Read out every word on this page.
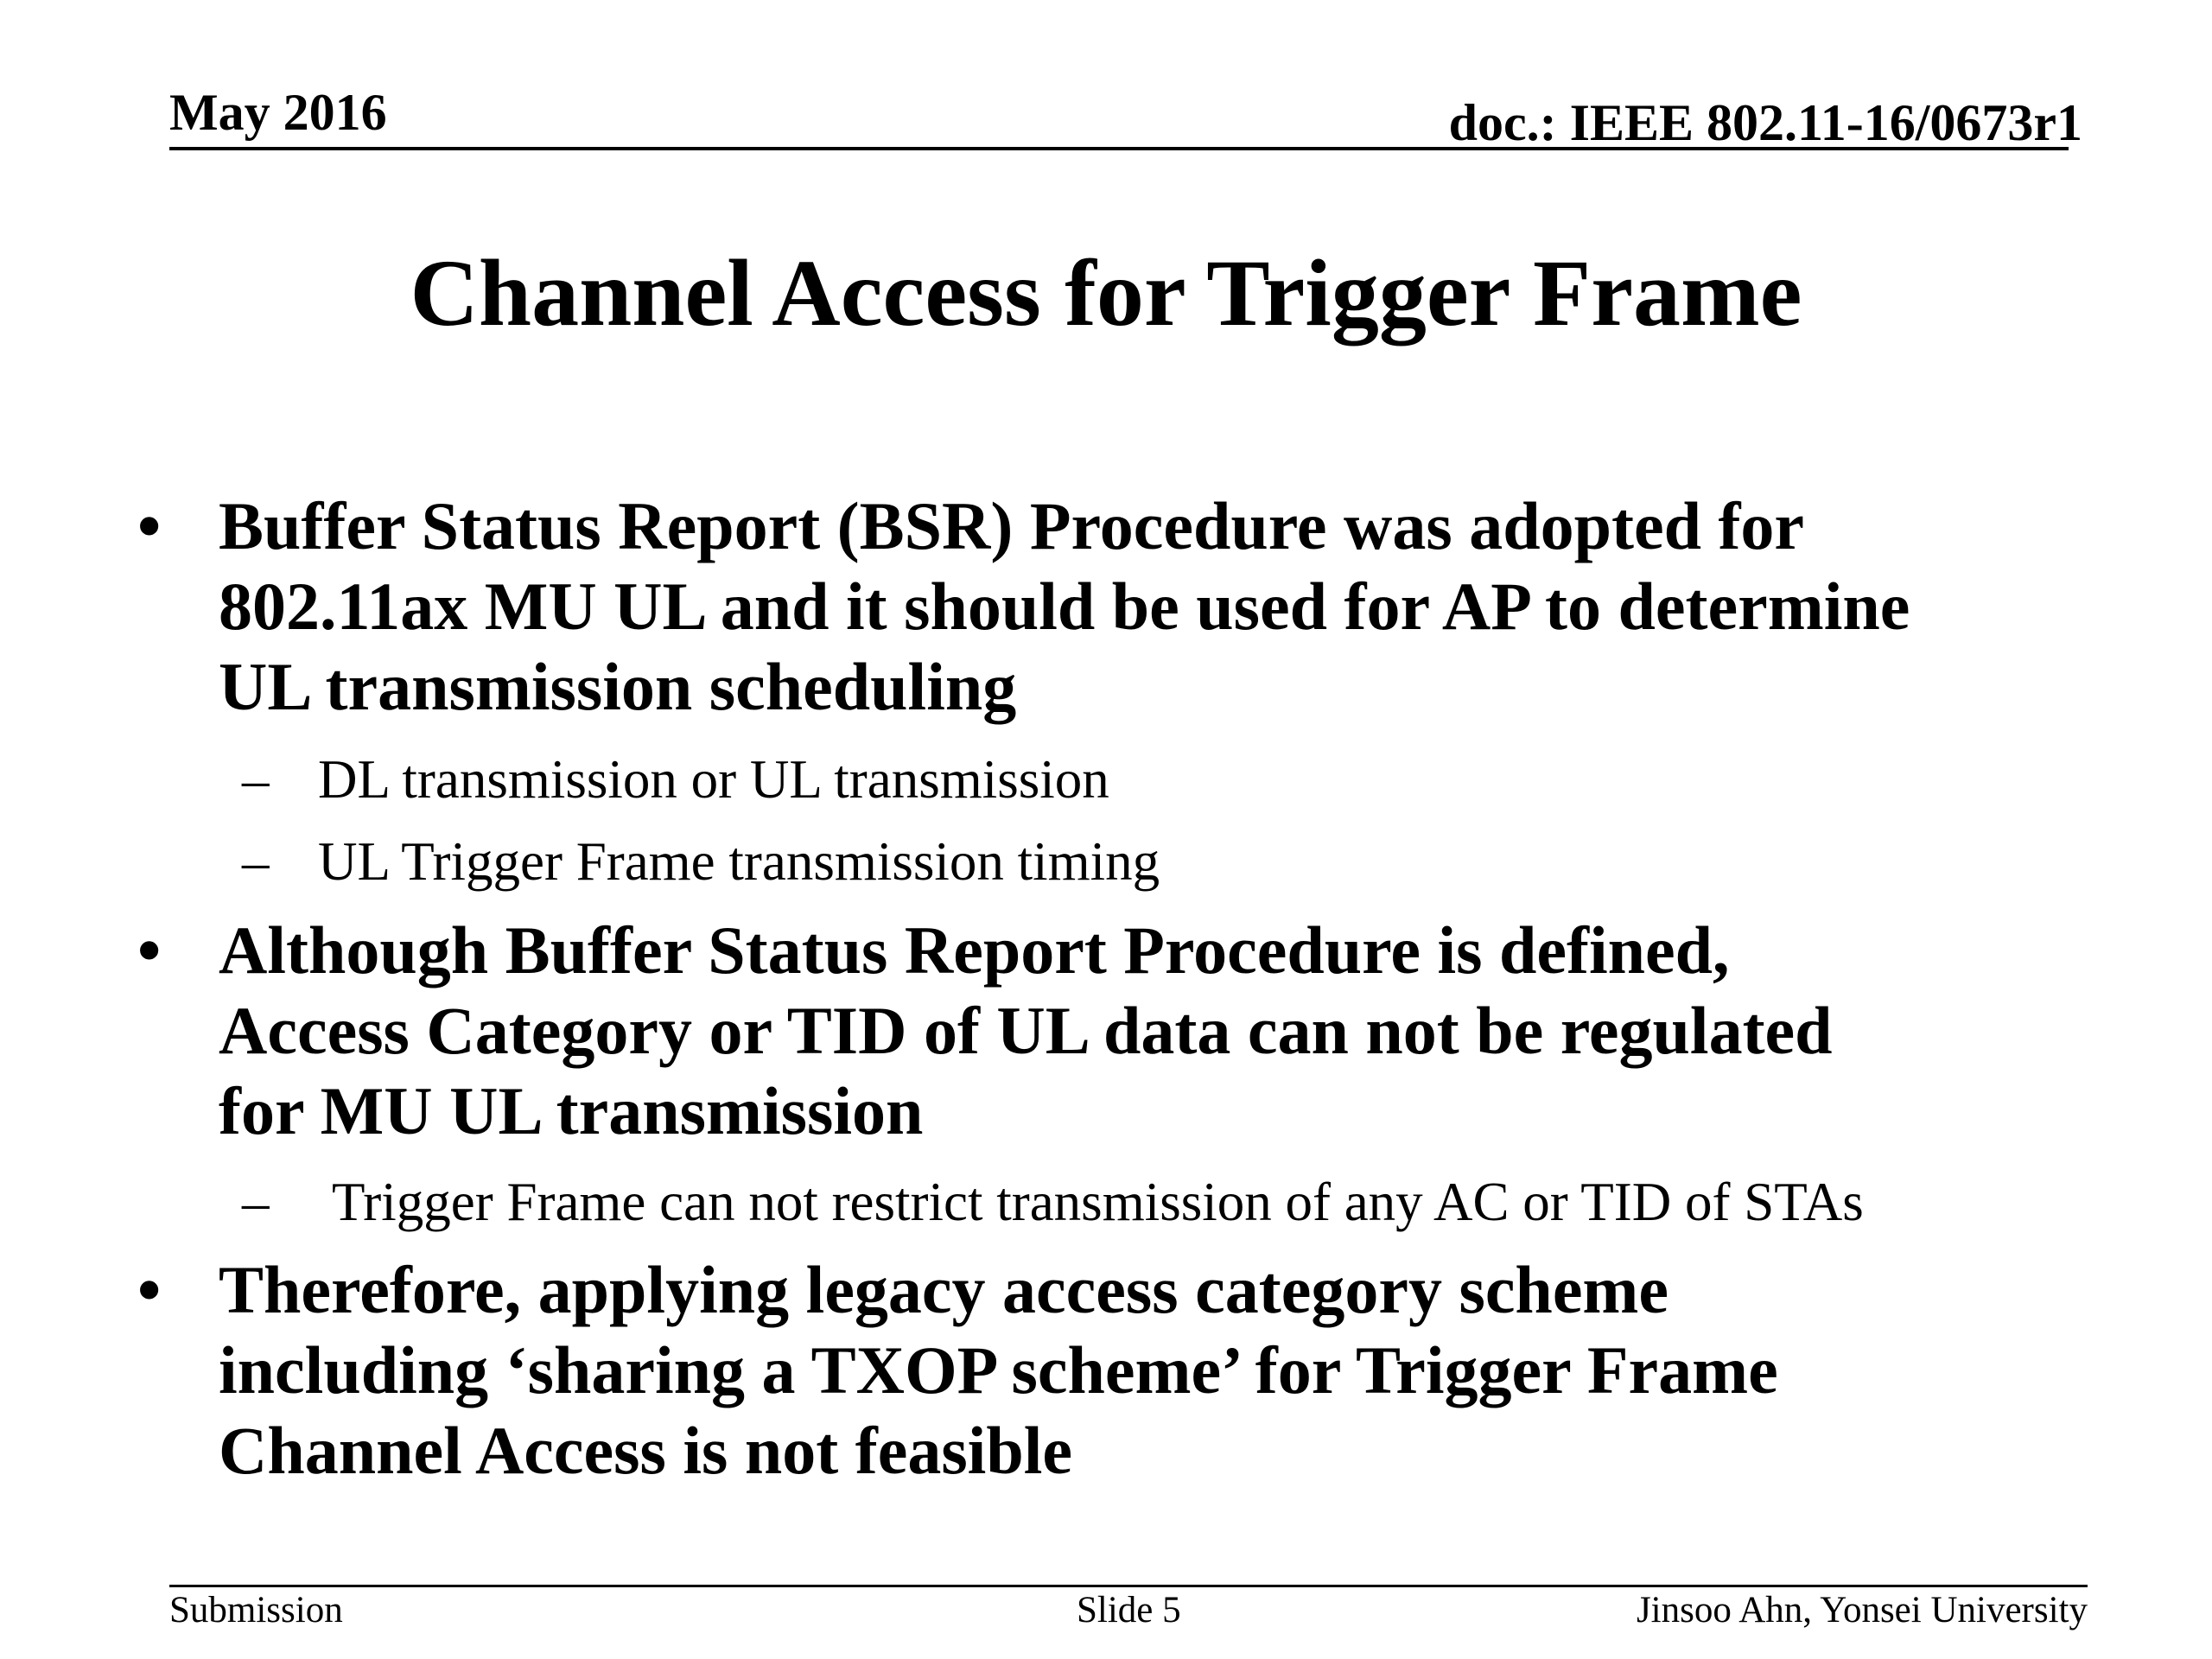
May 2016	doc.: IEEE 802.11-16/0673r1
Channel Access for Trigger Frame
• Buffer Status Report (BSR) Procedure was adopted for
802.11ax MU UL and it should be used for AP to determine
UL transmission scheduling
– DL transmission or UL transmission
– UL Trigger Frame transmission timing
• Although Buffer Status Report Procedure is defined,
Access Category or TID of UL data can not be regulated
for MU UL transmission
– Trigger Frame can not restrict transmission of any AC or TID of STAs
• Therefore, applying legacy access category scheme
including ‘sharing a TXOP scheme’ for Trigger Frame
Channel Access is not feasible
Submission	Slide 5	Jinsoo Ahn, Yonsei University
